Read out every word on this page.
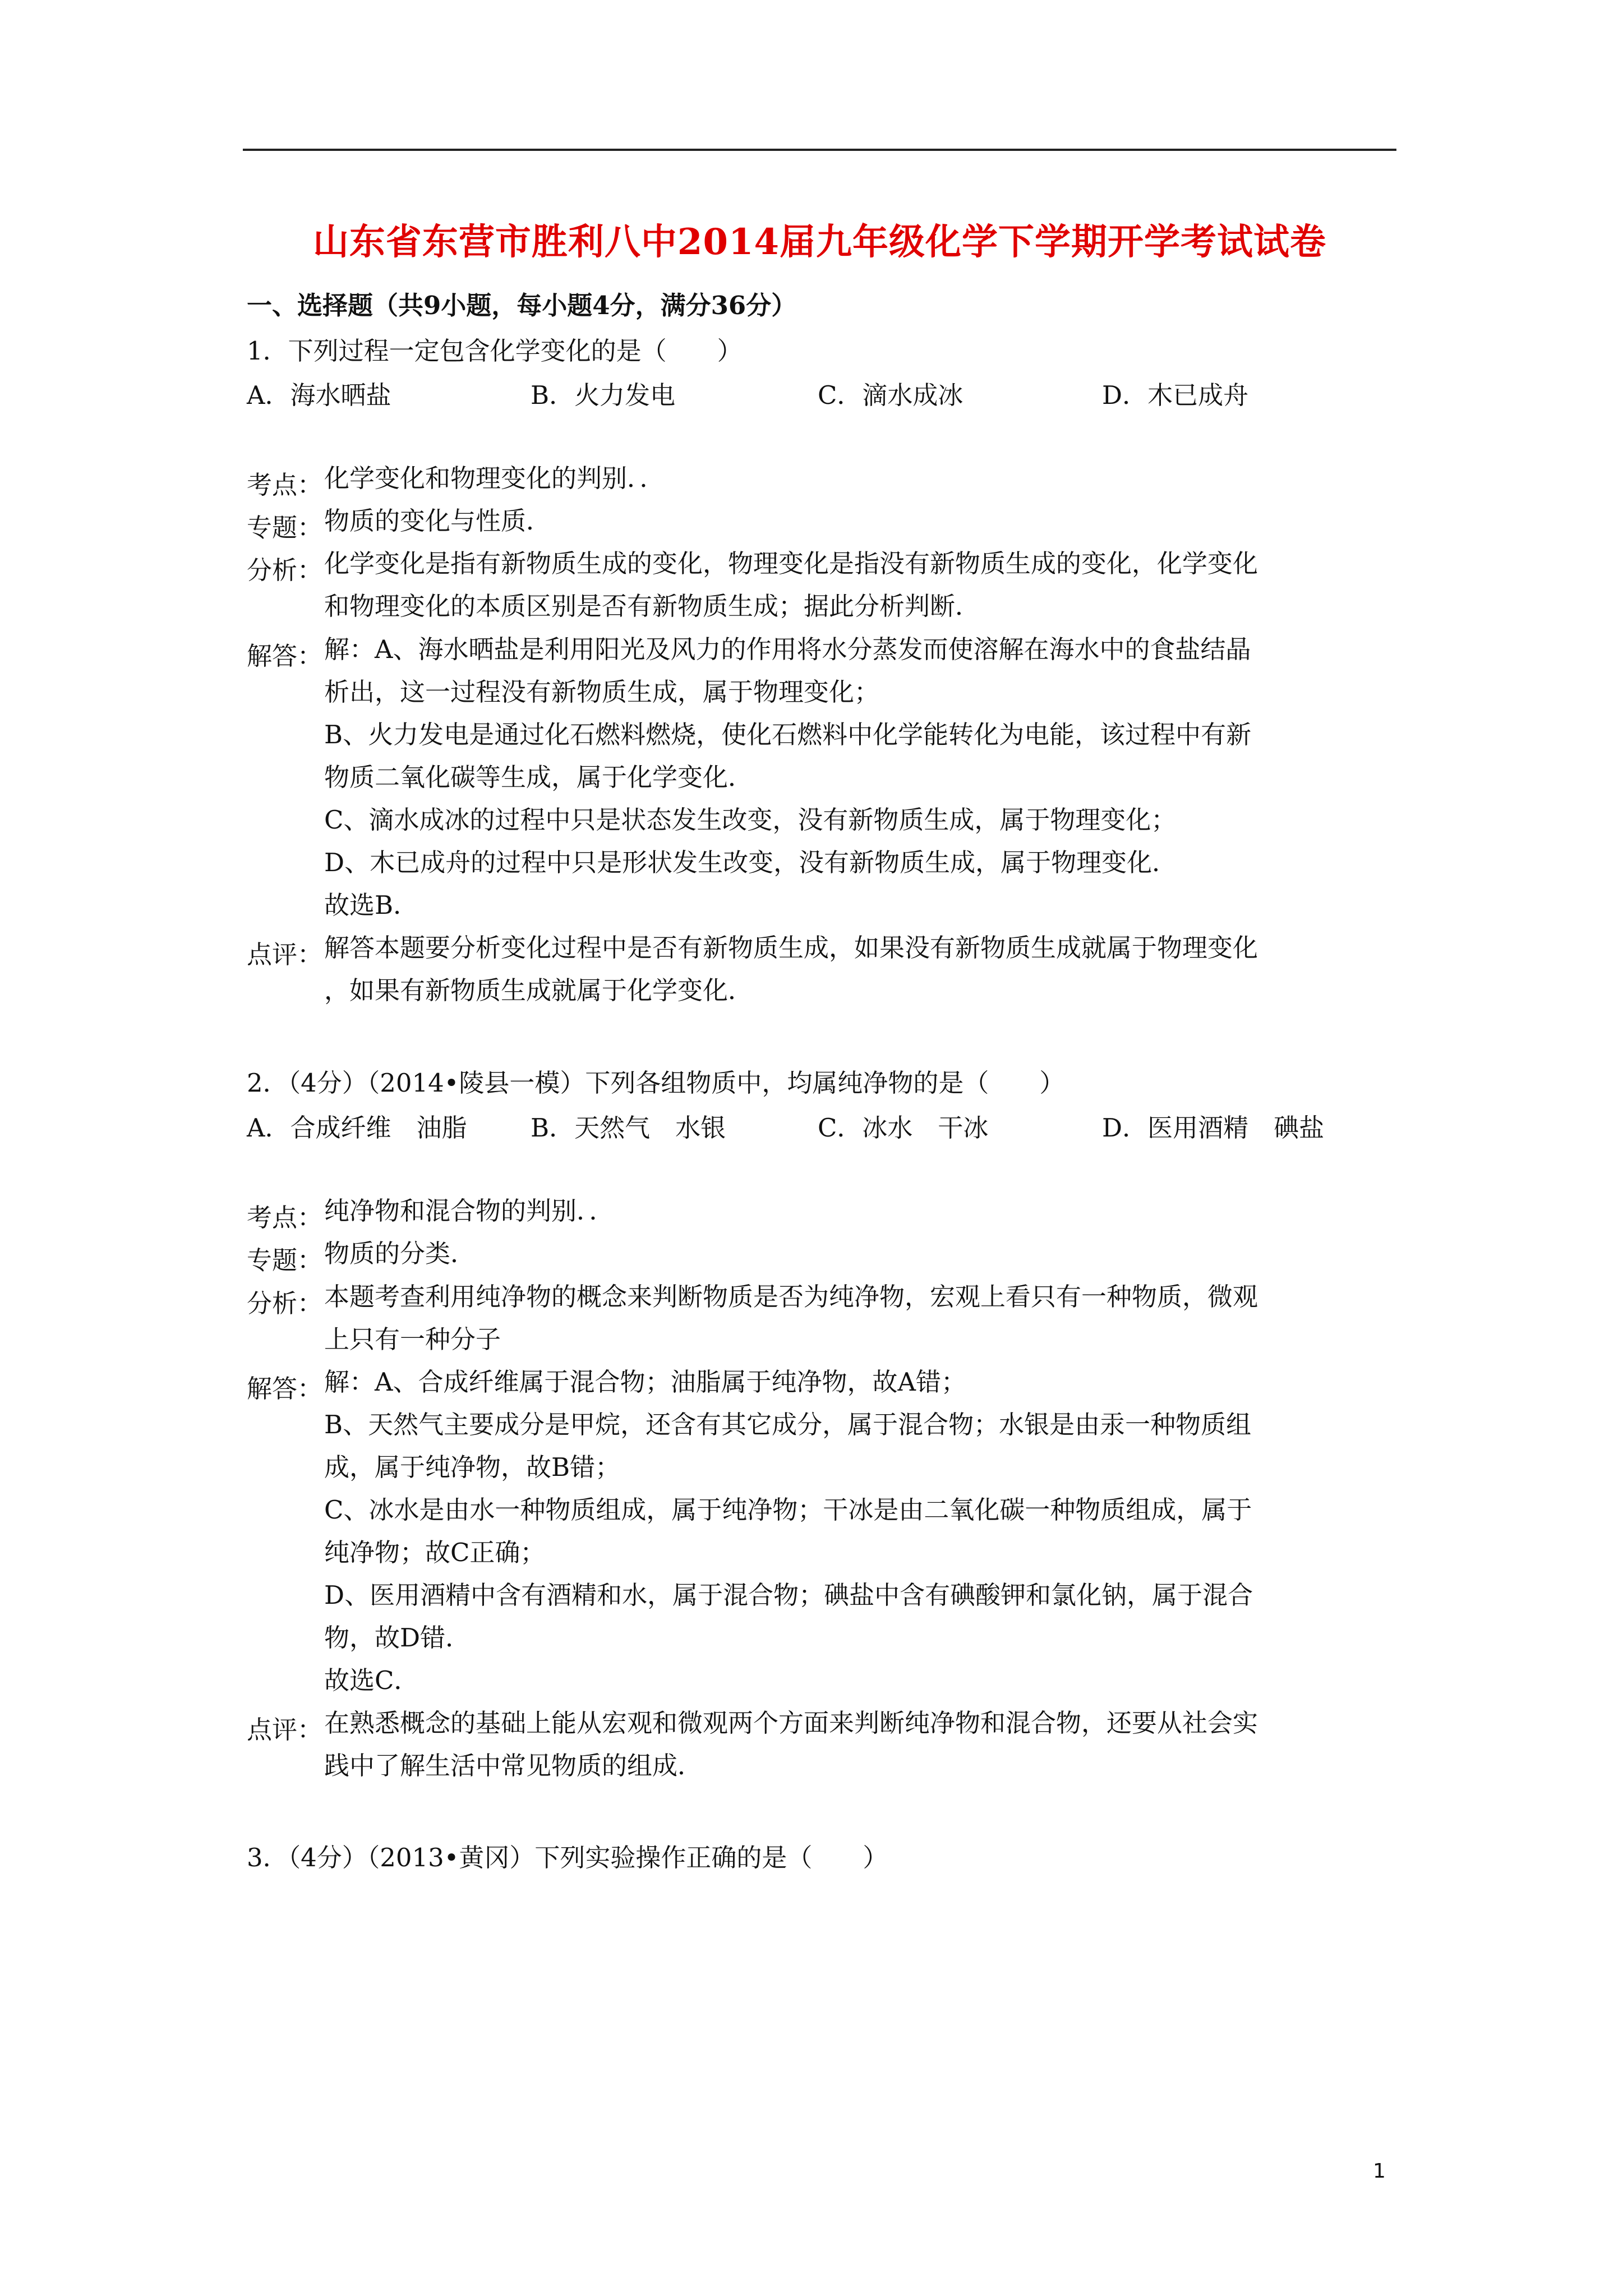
山东省东营市胜利八中2014届九年级化学下学期开学考试试卷
一、选择题（共9小题，每小题4分，满分36分）
1．下列过程一定包含化学变化的是（　　）
A．海水晒盐	B．火力发电	C．滴水成冰	D．木已成舟
考点： 化学变化和物理变化的判别．．
专题： 物质的变化与性质．
分析： 化学变化是指有新物质生成的变化，物理变化是指没有新物质生成的变化，化学变化
和物理变化的本质区别是否有新物质生成；据此分析判断．
解答： 解：A、海水晒盐是利用阳光及风力的作用将水分蒸发而使溶解在海水中的食盐结晶
析出，这一过程没有新物质生成，属于物理变化；
B、火力发电是通过化石燃料燃烧，使化石燃料中化学能转化为电能，该过程中有新
物质二氧化碳等生成，属于化学变化．
C、滴水成冰的过程中只是状态发生改变，没有新物质生成，属于物理变化；
D、木已成舟的过程中只是形状发生改变，没有新物质生成，属于物理变化．
故选B．
点评： 解答本题要分析变化过程中是否有新物质生成，如果没有新物质生成就属于物理变化
，如果有新物质生成就属于化学变化．
2．（4分）（2014•陵县一模）下列各组物质中，均属纯净物的是（　　）
A．合成纤维　油脂	B．天然气　水银	C．冰水　干冰	D．医用酒精　碘盐
考点： 纯净物和混合物的判别．．
专题： 物质的分类．
分析： 本题考查利用纯净物的概念来判断物质是否为纯净物，宏观上看只有一种物质，微观
上只有一种分子
解答： 解：A、合成纤维属于混合物；油脂属于纯净物，故A错；
B、天然气主要成分是甲烷，还含有其它成分，属于混合物；水银是由汞一种物质组
成，属于纯净物，故B错；
C、冰水是由水一种物质组成，属于纯净物；干冰是由二氧化碳一种物质组成，属于
纯净物；故C正确；
D、医用酒精中含有酒精和水，属于混合物；碘盐中含有碘酸钾和氯化钠，属于混合
物，故D错．
故选C．
点评： 在熟悉概念的基础上能从宏观和微观两个方面来判断纯净物和混合物，还要从社会实
践中了解生活中常见物质的组成．
3．（4分）（2013•黄冈）下列实验操作正确的是（　　）
1
